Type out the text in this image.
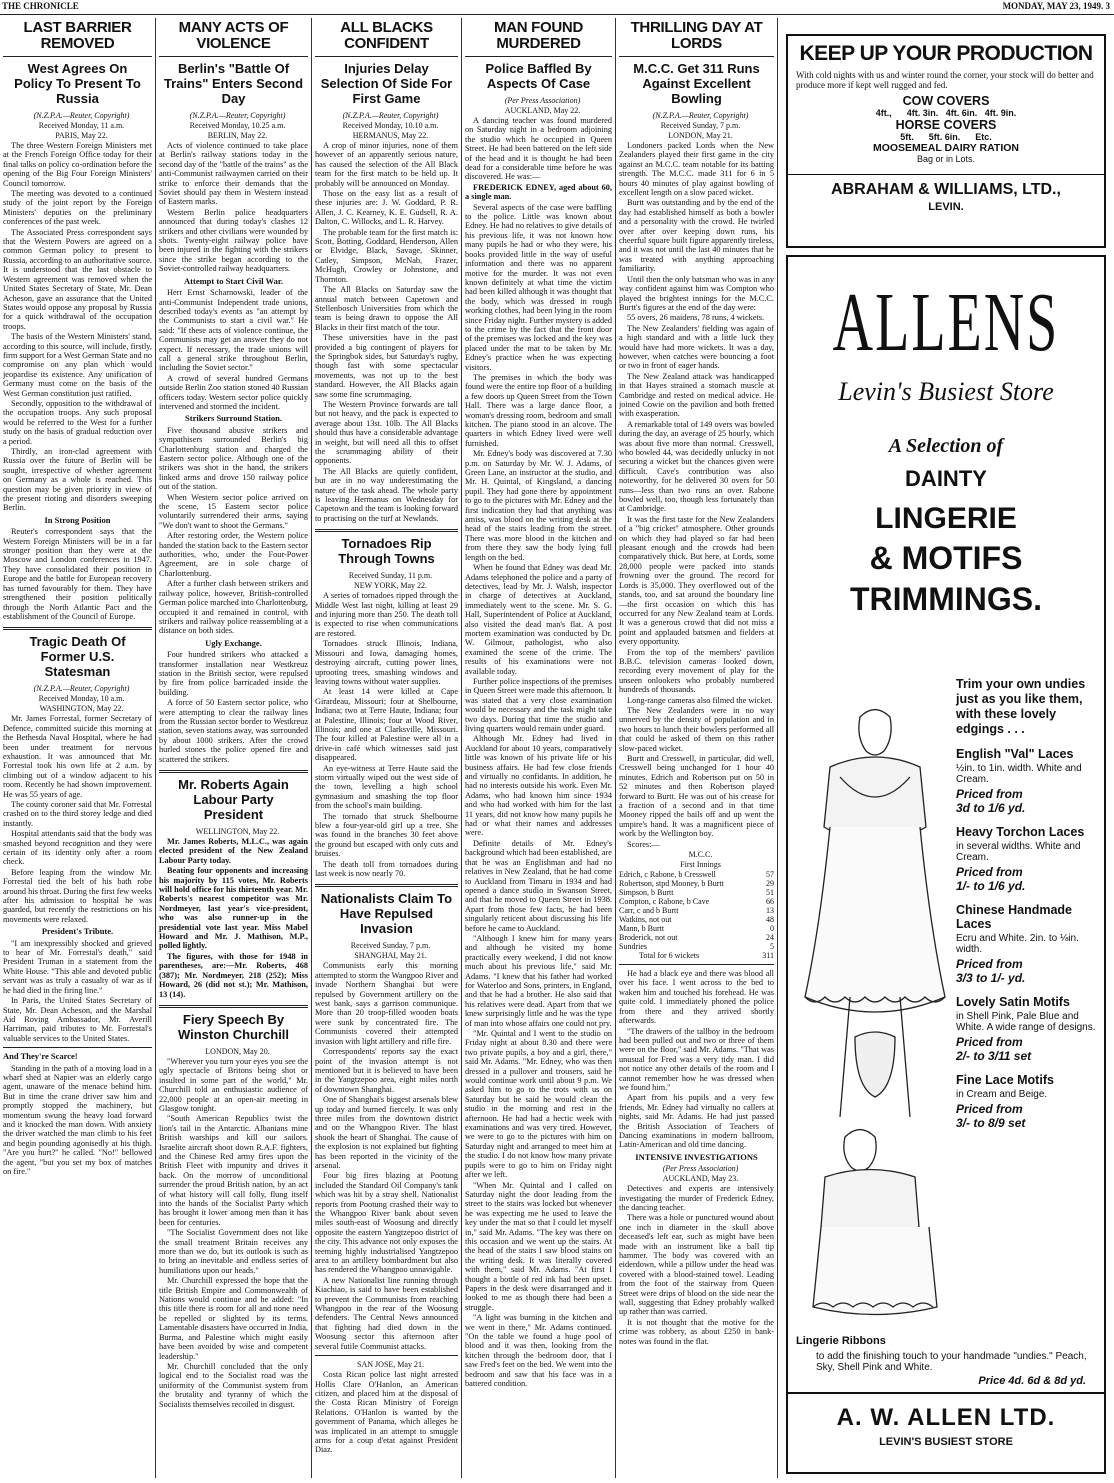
THE CHRONICLE	MONDAY, MAY 23, 1949. 3
LAST BARRIER REMOVED
West Agrees On Policy To Present To Russia

(N.Z.P.A.—Reuter, Copyright)

Received Monday, 11 a.m.

PARIS, May 22.

The three Western Foreign Ministers met at the French Foreign Office today for their final talks on policy co-ordination before the opening of the Big Four Foreign Ministers' Council tomorrow.

The meeting was devoted to a continued study of the joint report by the Foreign Ministers' deputies on the preliminary conferences of the past week.

The Associated Press correspondent says that the Western Powers are agreed on a common German policy to present to Russia, according to an authoritative source. It is understood that the last obstacle to Western agreement was removed when the United States Secretary of State, Mr. Dean Acheson, gave an assurance that the United States would oppose any proposal by Russia for a quick withdrawal of the occupation troops.

The basis of the Western Ministers' stand, according to this source, will include, firstly, firm support for a West German State and no compromise on any plan which would jeopardise its existence. Any unification of Germany must come on the basis of the West German constitution just ratified.

Secondly, opposition to the withdrawal of the occupation troops. Any such proposal would be referred to the West for a further study on the basis of gradual reduction over a period.

Thirdly, an iron-clad agreement with Russia over the future of Berlin will be sought, irrespective of whether agreement on Germany as a whole is reached. This question may be given priority in view of the present rioting and disorders sweeping Berlin.

In Strong Position

Reuter's correspondent says that the Western Foreign Ministers will be in a far stronger position than they were at the Moscow and London conferences in 1947. They have consolidated their position in Europe and the battle for European recovery has turned favourably for them. They have strengthened their position politically through the North Atlantic Pact and the establishment of the Council of Europe.

Tragic Death Of Former U.S. Statesman

(N.Z.P.A.—Reuter, Copyright)

Received Monday, 10 a.m.

WASHINGTON, May 22.

Mr. James Forrestal, former Secretary of Defence, committed suicide this morning at the Bethesda Naval Hospital, where he had been under treatment for nervous exhaustion. It was announced that Mr. Forrestal took his own life at 2 a.m. by climbing out of a window adjacent to his room. Recently he had shown improvement. He was 55 years of age.

The county coroner said that Mr. Forrestal crashed on to the third storey ledge and died instantly.

Hospital attendants said that the body was smashed beyond recognition and they were certain of its identity only after a room check.

Before leaping from the window Mr. Forrestal tied the belt of his bath robe around his throat. During the first few weeks after his admission to hospital he was guarded, but recently the restrictions on his movements were relaxed.

President's Tribute.

"I am inexpressibly shocked and grieved to hear of Mr. Forrestal's death," said President Truman in a statement from the White House. "This able and devoted public servant was as truly a casualty of war as if he had died in the firing line."

In Paris, the United States Secretary of State, Mr. Dean Acheson, and the Marshal Aid Roving Ambassador, Mr. Averill Harriman, paid tributes to Mr. Forrestal's valuable services to the United States.

And They're Scarce!

Standing in the path of a moving load in a wharf shed at Napier was an elderly cargo agent, unaware of the menace behind him. But in time the crane driver saw him and promptly stopped the machinery, but momentum swung the heavy load forward and it knocked the man down. With anxiety the driver watched the man climb to his feet and begin pounding agonisedly at his thigh. "Are you hurt?" he called. "No!" bellowed the agent, "but you set my box of matches on fire."

MANY ACTS OF VIOLENCE
Berlin's "Battle Of Trains" Enters Second Day

(N.Z.P.A.—Reuter, Copyright)

Received Monday, 10.25 a.m.

BERLIN, May 22.

Acts of violence continued to take place at Berlin's railway stations today in the second day of the "battle of the trains" as the anti-Communist railwaymen carried on their strike to enforce their demands that the Soviet should pay them in Western instead of Eastern marks.

Western Berlin police headquarters announced that during today's clashes 12 strikers and other civilians were wounded by shots. Twenty-eight railway police have been injured in the fighting with the strikers since the strike began according to the Soviet-controlled railway headquarters.

Attempt to Start Civil War.

Herr Ernst Scharnowski, leader of the anti-Communist Independent trade unions, described today's events as "an attempt by the Communists to start a civil war." He said: "If these acts of violence continue, the Communists may get an answer they do not expect. If necessary, the trade unions will call a general strike throughout Berlin, including the Soviet sector."

A crowd of several hundred Germans outside Berlin Zoo station stoned 40 Russian officers today. Western sector police quickly intervened and stormed the incident.

Strikers Surround Station.

Five thousand abusive strikers and sympathisers surrounded Berlin's big Charlottenburg station and charged the Eastern sector police. Although one of the strikers was shot in the hand, the strikers linked arms and drove 150 railway police out of the station.

When Western sector police arrived on the scene, 15 Eastern sector police voluntarily surrendered their arms, saying "We don't want to shoot the Germans."

After restoring order, the Western police handed the station back to the Eastern sector authorities, who, under the Four-Power Agreement, are in sole charge of Charlottenburg.

After a further clash between strikers and railway police, however, British-controlled German police marched into Charlottenburg, occupied it and remained in control, with strikers and railway police reassembling at a distance on both sides.

Ugly Exchange.

Four hundred strikers who attacked a transformer installation near Westkreuz station in the British sector, were repulsed by fire from police barricaded inside the building.

A force of 50 Eastern sector police, who were attempting to clear the railway lines from the Russian sector border to Westkreuz station, seven stations away, was surrounded by about 1000 strikers. After the crowd hurled stones the police opened fire and scattered the strikers.

Mr. Roberts Again Labour Party President

WELLINGTON, May 22.

Mr. James Roberts, M.L.C., was again elected president of the New Zealand Labour Party today.

Beating four opponents and increasing his majority by 115 votes, Mr. Roberts will hold office for his thirteenth year. Mr. Roberts's nearest competitor was Mr. Nordmeyer, last year's vice-president, who was also runner-up in the presidential vote last year. Miss Mabel Howard and Mr. J. Mathison, M.P., polled lightly.

The figures, with those for 1948 in parentheses, are:—Mr. Roberts, 468 (387); Mr. Nordmeyer, 218 (252); Miss Howard, 26 (did not st.); Mr. Mathison, 13 (14).

Fiery Speech By Winston Churchill

LONDON, May 20.

"Wherever you turn your eyes you see the ugly spectacle of Britons being shot or insulted in some part of the world," Mr. Churchill told an enthusiastic audience of 22,000 people at an open-air meeting in Glasgow tonight.

"South American Republics twist the lion's tail in the Antarctic. Albanians mine British warships and kill our sailors. Israelite aircraft shoot down R.A.F. fighters, and the Chinese Red army fires upon the British Fleet with impunity and drives it back. On the morrow of unconditional surrender the proud British nation, by an act of what history will call folly, flung itself into the hands of the Socialist Party which has brought it lower among men than it has been for centuries.

"The Socialist Government does not like the small treatment Britain receives any more than we do, but its outlook is such as to bring an inevitable and endless series of humiliations upon our heads."

Mr. Churchill expressed the hope that the title British Empire and Commonwealth of Nations would continue and he added: "In this title there is room for all and none need be repelled or slighted by its terms. Lamentable disasters have occurred in India, Burma, and Palestine which might easily have been avoided by wise and competent leadership."

Mr. Churchill concluded that the only logical end to the Socialist road was the uniformity of the Communist system from the brutality and tyranny of which the Socialists themselves recoiled in disgust.

ALL BLACKS CONFIDENT
Injuries Delay Selection Of Side For First Game

(N.Z.P.A.—Reuter, Copyright)

Received Monday, 10.10 a.m.

HERMANUS, May 22.

A crop of minor injuries, none of them however of an apparently serious nature, has caused the selection of the All Black team for the first match to be held up. It probably will be announced on Monday.

Those on the easy list as a result of these injuries are: J. W. Goddard, P. R. Allen, J. C. Kearney, K. E. Gudsell, R. A. Dalton, C. Willocks, and L. R. Harvey.

The probable team for the first match is: Scott, Botting, Goddard, Henderson, Allen or Elvidge, Black, Savage, Skinner, Catley, Simpson, McNab, Frazer, McHugh, Crowley or Johnstone, and Thornton.

The All Blacks on Saturday saw the annual match between Capetown and Stellenbosch Universities from which the team is being drawn to oppose the All Blacks in their first match of the tour.

These universities have in the past provided a big contingent of players for the Springbok sides, but Saturday's rugby, though fast with some spectacular movements, was not up to the best standard. However, the All Blacks again saw some fine scrummaging.

The Western Province forwards are tall but not heavy, and the pack is expected to average about 13st. 10lb. The All Blacks should thus have a considerable advantage in weight, but will need all this to offset the scrummaging ability of their opponents.

The All Blacks are quietly confident, but are in no way underestimating the nature of the task ahead. The whole party is leaving Hermanus on Wednesday for Capetown and the team is looking forward to practising on the turf at Newlands.

Tornadoes Rip Through Towns

Received Sunday, 11 p.m.

NEW YORK, May 22.

A series of tornadoes ripped through the Middle West last night, killing at least 29 and injuring more than 250. The death toll is expected to rise when communications are restored.

Tornadoes struck Illinois, Indiana, Missouri and Iowa, damaging homes, destroying aircraft, cutting power lines, uprooting trees, smashing windows and leaving towns without water supplies.

At least 14 were killed at Cape Girardeau, Missouri; four at Shelbourne, Indiana; two at Terre Haute, Indiana; four at Palestine, Illinois; four at Wood River, Illinois; and one at Clarksville, Missouri. The four killed at Palestine were all in a drive-in café which witnesses said just disappeared.

An eye-witness at Terre Haute said the storm virtually wiped out the west side of the town, levelling a high school gymnasium and smashing the top floor from the school's main building.

The tornado that struck Shelbourne blew a four-year-old girl up a tree. She was found in the branches 30 feet above the ground but escaped with only cuts and bruises.

The death toll from tornadoes during last week is now nearly 70.

Nationalists Claim To Have Repulsed Invasion

Received Sunday, 7 p.m.

SHANGHAI, May 21.

Communists early this morning attempted to storm the Wangpoo River and invade Northern Shanghai but were repulsed by Government artillery on the west bank, says a garrison communique. More than 20 troop-filled wooden boats were sunk by concentrated fire. The Communists covered their attempted invasion with light artillery and rifle fire.

Correspondents' reports say the exact point of the invasion attempt is not mentioned but it is believed to have been in the Yangtzepoo area, eight miles north of downtown Shanghai.

One of Shanghai's biggest arsenals blew up today and burned fiercely. It was only three miles from the downtown district and on the Whangpoo River. The blast shook the heart of Shanghai. The cause of the explosion is not explained but fighting has been reported in the vicinity of the arsenal.

Four big fires blazing at Pootung included the Standard Oil Company's tank which was hit by a stray shell. Nationalist reports from Pootung crashed their way to the Whangpoo River bank about seven miles south-east of Woosung and directly opposite the eastern Yangtzepoo district of the city. This advance not only exposes the teeming highly industrialised Yangtzepoo area to an artillery bombardment but also has rendered the Whangpoo unnavigable.

A new Nationalist line running through Kiachiao, is said to have been established to prevent the Communists from reaching Whangpoo in the rear of the Woosung defenders. The Central News announced that fighting had died down in the Woosung sector this afternoon after several futile Communist attacks.

SAN JOSE, May 21.

Costa Rican police last night arrested Hollis Clare O'Hanlon, an American citizen, and placed him at the disposal of the Costa Rican Ministry of Foreign Relations. O'Hanlon is wanted by the government of Panama, which alleges he was implicated in an attempt to smuggle arms for a coup d'etat against President Diaz.

MAN FOUND MURDERED
Police Baffled By Aspects Of Case

(Per Press Association)

AUCKLAND, May 22.

A dancing teacher was found murdered on Saturday night in a bedroom adjoining the studio which he occupied in Queen Street. He had been battered on the left side of the head and it is thought he had been dead for a considerable time before he was discovered. He was:—

FREDERICK EDNEY, aged about 60, a single man.

Several aspects of the case were baffling to the police. Little was known about Edney. He had no relatives to give details of his previous life, it was not known how many pupils he had or who they were, his books provided little in the way of useful information and there was no apparent motive for the murder. It was not even known definitely at what time the victim had been killed although it was thought that the body, which was dressed in rough working clothes, had been lying in the room since Friday night. Further mystery is added to the crime by the fact that the front door of the premises was locked and the key was placed under the mat to be taken by Mr. Edney's practice when he was expecting visitors.

The premises in which the body was found were the entire top floor of a building a few doors up Queen Street from the Town Hall. There was a large dance floor, a woman's dressing room, bedroom and small kitchen. The piano stood in an alcove. The quarters in which Edney lived were well furnished.

Mr. Edney's body was discovered at 7.30 p.m. on Saturday by Mr. W. J. Adams, of Green Lane, an instructor at the studio, and Mr. H. Quintal, of Kingsland, a dancing pupil. They had gone there by appointment to go to the pictures with Mr. Edney and the first indication they had that anything was amiss, was blood on the writing desk at the head of the stairs leading from the street. There was more blood in the kitchen and from there they saw the body lying full length on the bed.

When he found that Edney was dead Mr. Adams telephoned the police and a party of detectives, lead by Mr. J. Walsh, inspector in charge of detectives at Auckland, immediately went to the scene. Mr. S. G. Hall, Superintendent of Police at Auckland, also visited the dead man's flat. A post mortem examination was conducted by Dr. W. Gilmour, pathologist, who also examined the scene of the crime. The results of his examinations were not available today.

Further police inspections of the premises in Queen Street were made this afternoon. It was stated that a very close examination would be necessary and the task might take two days. During that time the studio and living quarters would remain under guard.

Although Mr. Edney had lived in Auckland for about 10 years, comparatively little was known of his private life or his business affairs. He had few close friends and virtually no confidants. In addition, he had no interests outside his work. Even Mr. Adams, who had known him since 1934 and who had worked with him for the last 11 years, did not know how many pupils he had or what their names and addresses were.

Definite details of Mr. Edney's background which had been established, are that he was an Englishman and had no relatives in New Zealand, that he had come to Auckland from Timaru in 1934 and had opened a dance studio in Swanson Street, and that he moved to Queen Street in 1938. Apart from those few facts, he had been singularly reticent about discussing his life before he came to Auckland.

"Although I knew him for many years and although he visited my home practically every weekend, I did not know much about his previous life," said Mr. Adams. "I knew that his father had worked for Waterloo and Sons, printers, in England, and that he had a brother. He also said that his relatives were dead. Apart from that we knew surprisingly little and he was the type of man into whose affairs one could not pry.

"Mr. Quintal and I went to the studio on Friday night at about 8.30 and there were two private pupils, a boy and a girl, there," said Mr. Adams. "Mr. Edney, who was then dressed in a pullover and trousers, said he would continue work until about 9 p.m. We asked him to go to the trots with us on Saturday but he said he would clean the studio in the morning and rest in the afternoon. He had had a hectic week with examinations and was very tired. However, we were to go to the pictures with him on Saturday night and arranged to meet him at the studio. I do not know how many private pupils were to go to him on Friday night after we left.

"When Mr. Quintal and I called on Saturday night the door leading from the street to the stairs was locked but whenever he was expecting me he used to leave the key under the mat so that I could let myself in," said Mr. Adams. "The key was there on this occasion and we went up the stairs. At the head of the stairs I saw blood stains on the writing desk. It was literally covered with them," said Mr. Adams. "At first I thought a bottle of red ink had been upset. Papers in the desk were disarranged and it looked to me as though there had been a struggle.

"A light was burning in the kitchen and we went in there," Mr. Adams continued. "On the table we found a huge pool of blood and it was then, looking from the kitchen through the bedroom door, that I saw Fred's feet on the bed. We went into the bedroom and saw that his face was in a battered condition.

THRILLING DAY AT LORDS
M.C.C. Get 311 Runs Against Excellent Bowling

(N.Z.P.A.—Reuter, Copyright)

Received Sunday, 7 p.m.

LONDON, May 21.

Londoners packed Lords when the New Zealanders played their first game in the city against an M.C.C. team notable for its batting strength. The M.C.C. made 311 for 6 in 5 hours 40 minutes of play against bowling of excellent length on a slow paced wicket.

Burtt was outstanding and by the end of the day had established himself as both a bowler and a personality with the crowd. He twirled over after over keeping down runs, his cheerful square built figure apparently tireless, and it was not until the last 40 minutes that he was treated with anything approaching familiarity.

Until then the only batsman who was in any way confident against him was Compton who played the brightest innings for the M.C.C. Burtt's figures at the end of the day were:

55 overs, 26 maidens, 78 runs, 4 wickets.

The New Zealanders' fielding was again of a high standard and with a little luck they would have had more wickets. It was a day, however, when catches were bouncing a foot or two in front of eager hands.

The New Zealand attack was handicapped in that Hayes strained a stomach muscle at Cambridge and rested on medical advice. He joined Cowie on the pavilion and both fretted with exasperation.

A remarkable total of 149 overs was bowled during the day, an average of 25 hourly, which was about five more than normal. Cresswell, who bowled 44, was decidedly unlucky in not securing a wicket but the chances given were difficult. Cave's contribution was also noteworthy, for he delivered 30 overs for 50 runs—less than two runs an over. Rabone bowled well, too, though less fortunately than at Cambridge.

It was the first taste for the New Zealanders of a "big cricket" atmosphere. Other grounds on which they had played so far had been pleasant enough and the crowds had been comparatively thick. But here, at Lords, some 28,000 people were packed into stands frowning over the ground. The record for Lords is 35,000. They overflowed out of the stands, too, and sat around the boundary line—the first occasion on which this has occurred for any New Zealand team at Lords. It was a generous crowd that did not miss a point and applauded batsmen and fielders at every opportunity.

From the top of the members' pavilion B.B.C. television cameras looked down, recording every movement of play for the unseen onlookers who probably numbered hundreds of thousands.

Long-range cameras also filmed the wicket.

The New Zealanders were in no way unnerved by the density of population and in two hours to lunch their bowlers performed all that could be asked of them on this rather slow-paced wicket.

Burtt and Cresswell, in particular, did well, Cresswell being unchanged for 1 hour 40 minutes. Edrich and Robertson put on 50 in 52 minutes and then Robertson played forward to Burtt. He was out of his crease for a fraction of a second and in that time Mooney ripped the bails off and up went the umpire's hand. It was a magnificent piece of work by the Wellington boy.

Scores:—

M.C.C.

First Innings

Edrich, c Rabone, b Cresswell	57
Robertson, stpd Mooney, b Burtt	29
Simpson, b Burtt	51
Compton, c Rabone, b Cave	66
Carr, c and b Burtt	13
Watkins, not out	48
Mann, b Burtt	0
Broderick, not out	24
Sundries	5
Total for 6 wickets	311

He had a black eye and there was blood all over his face. I went across to the bed to waken him and touched his forehead. He was quite cold. I immediately phoned the police from there and they arrived shortly afterwards.

"The drawers of the tallboy in the bedroom had been pulled out and two or three of them were on the floor," said Mr. Adams. "That was unusual for Fred was a very tidy man. I did not notice any other details of the room and I cannot remember how he was dressed when we found him."

Apart from his pupils and a very few friends, Mr. Edney had virtually no callers at nights, said Mr. Adams. He had just passed the British Association of Teachers of Dancing examinations in modern ballroom, Latin-American and old time dancing.

INTENSIVE INVESTIGATIONS

(Per Press Association)

AUCKLAND, May 23.

Detectives and experts are intensively investigating the murder of Frederick Edney, the dancing teacher.

There was a hole or punctured wound about one inch in diameter in the skull above deceased's left ear, such as might have been made with an instrument like a ball tip hammer. The body was covered with an eiderdown, while a pillow under the head was covered with a blood-stained towel. Leading from the foot of the stairway from Queen Street were drips of blood on the side near the wall, suggesting that Edney probably walked up rather than was carried.

It is not thought that the motive for the crime was robbery, as about £250 in bank-notes was found in the flat.

KEEP UP YOUR PRODUCTION

With cold nights with us and winter round the corner, your stock will do better and produce more if kept well rugged and fed.

COW COVERS

4ft.,      4ft. 3in.   4ft. 6in.   4ft. 9in.

HORSE COVERS

5ft.      5ft. 6in.      Etc.

MOOSEMEAL DAIRY RATION

Bag or in Lots.

ABRAHAM & WILLIAMS, LTD.,

LEVIN.

ALLENS
Levin's Busiest Store
A Selection of
DAINTY
LINGERIE
& MOTIFS
TRIMMINGS.

Trim your own undies just as you like them, with these lovely edgings . . .

English "Val" Laces

½in. to 1in. width. White and Cream.

Priced from

3d to 1/6 yd.

Heavy Torchon Laces

in several widths. White and Cream.

Priced from

1/- to 1/6 yd.

Chinese Handmade Laces

Ecru and White. 2in. to ⅛in. width.

Priced from

3/3 to 1/- yd.

Lovely Satin Motifs

in Shell Pink, Pale Blue and White. A wide range of designs.

Priced from

2/- to 3/11 set

Fine Lace Motifs

in Cream and Beige.

Priced from

3/- to 8/9 set

Lingerie Ribbons

to add the finishing touch to your handmade "undies." Peach, Sky, Shell Pink and White.

Price 4d. 6d & 8d yd.

A. W. ALLEN LTD.

LEVIN'S BUSIEST STORE
